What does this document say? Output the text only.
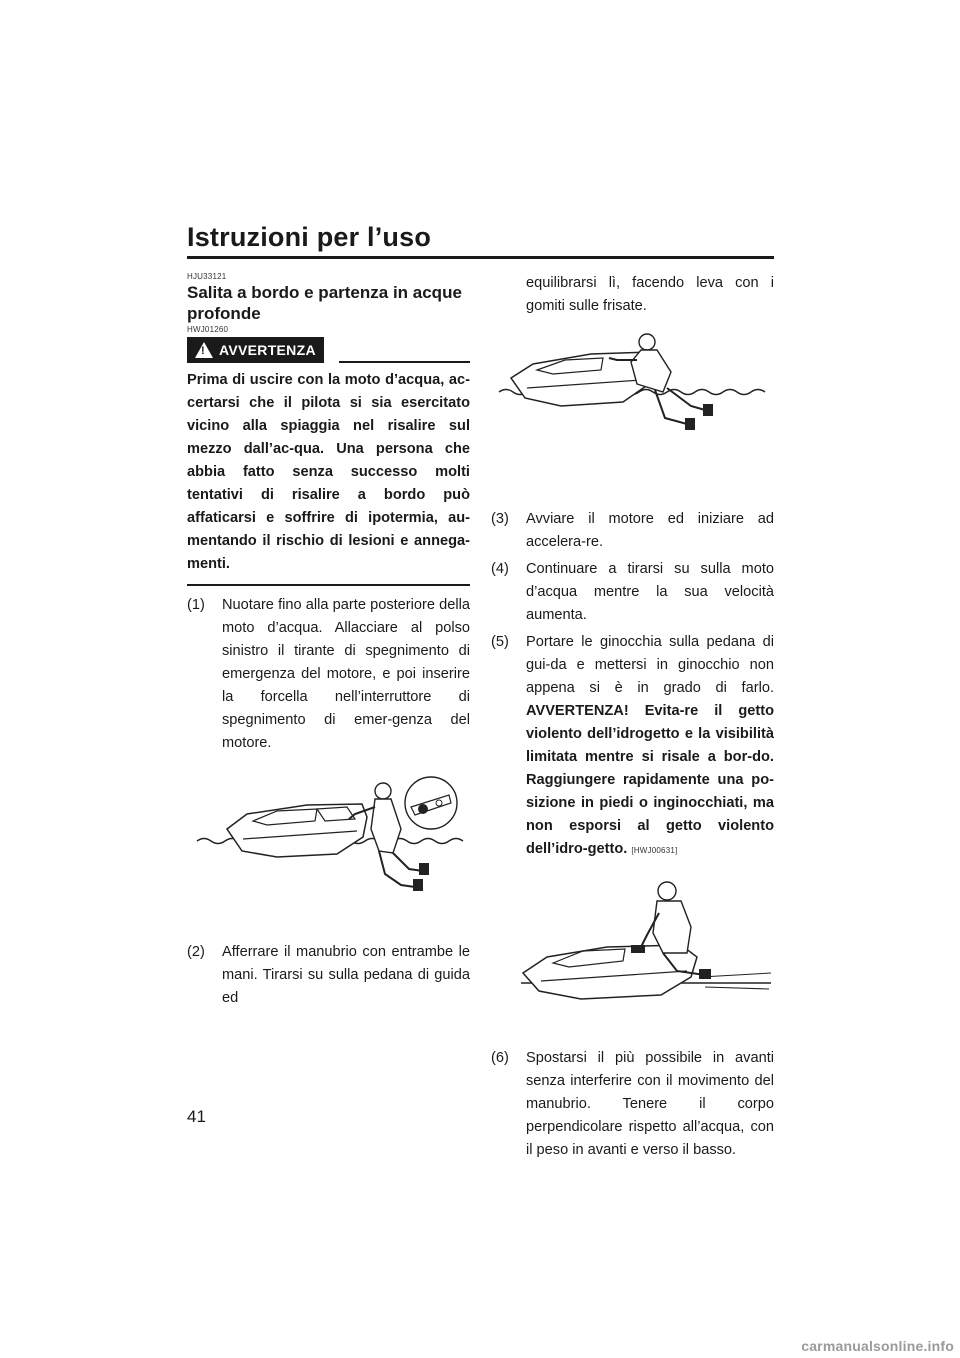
Istruzioni per l’uso
HJU33121
Salita a bordo e partenza in acque profonde
HWJ01260
! AVVERTENZA

Prima di uscire con la moto d’acqua, ac-certarsi che il pilota si sia esercitato vicino alla spiaggia nel risalire sul mezzo dall’ac-qua. Una persona che abbia fatto senza successo molti tentativi di risalire a bordo può affaticarsi e soffrire di ipotermia, au-mentando il rischio di lesioni e annega-menti.

(1)	Nuotare fino alla parte posteriore della moto d’acqua. Allacciare al polso sinistro il tirante di spegnimento di emergenza del motore, e poi inserire la forcella nell’interruttore di spegnimento di emer-genza del motore.
(2)	Afferrare il manubrio con entrambe le mani. Tirarsi su sulla pedana di guida ed

equilibrarsi lì, facendo leva con i gomiti sulle frisate.

(3)	Avviare il motore ed iniziare ad accelera-re.
(4)	Continuare a tirarsi su sulla moto d’acqua mentre la sua velocità aumenta.
(5)	Portare le ginocchia sulla pedana di gui-da e mettersi in ginocchio non appena si è in grado di farlo. AVVERTENZA! Evita-re il getto violento dell’idrogetto e la visibilità limitata mentre si risale a bor-do. Raggiungere rapidamente una po-sizione in piedi o inginocchiati, ma non esporsi al getto violento dell’idro-getto. [HWJ00631]
(6)	Spostarsi il più possibile in avanti senza interferire con il movimento del manubrio. Tenere il corpo perpendicolare rispetto all’acqua, con il peso in avanti e verso il basso.
41
carmanualsonline.info
